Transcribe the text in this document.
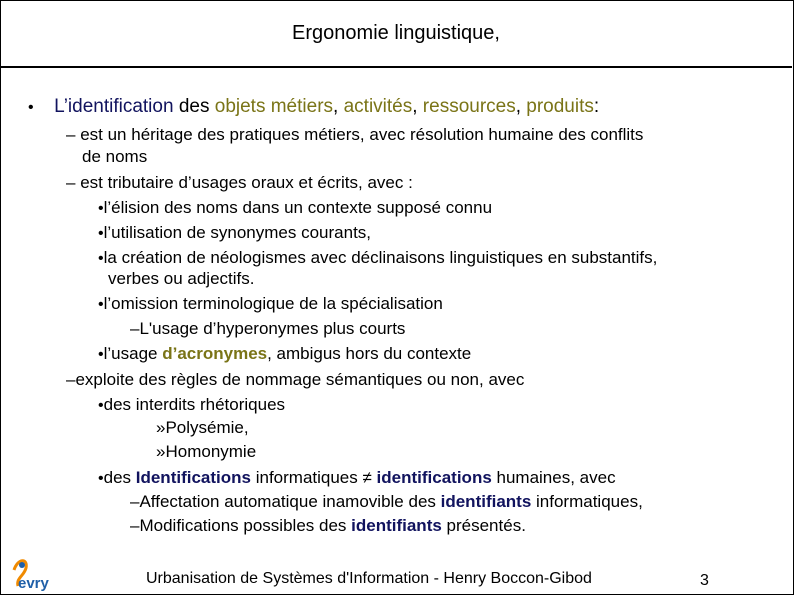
Ergonomie linguistique,
• L’identification des objets métiers, activités, ressources, produits:
– est un héritage des pratiques métiers, avec résolution humaine des conflits
de noms
– est tributaire d’usages oraux et écrits, avec :
•l’élision des noms dans un contexte supposé connu
•l’utilisation de synonymes courants,
•la création de néologismes avec déclinaisons linguistiques en substantifs,
verbes ou adjectifs.
•l’omission terminologique de la spécialisation
–L'usage d’hyperonymes plus courts
•l’usage d’acronymes, ambigus hors du contexte
–exploite des règles de nommage sémantiques ou non, avec
•des interdits rhétoriques
»Polysémie,
»Homonymie
•des Identifications informatiques ≠ identifications humaines, avec
–Affectation automatique inamovible des identifiants informatiques,
–Modifications possibles des identifiants présentés.
evry	Urbanisation de Systèmes d'Information - Henry Boccon-Gibod	3
